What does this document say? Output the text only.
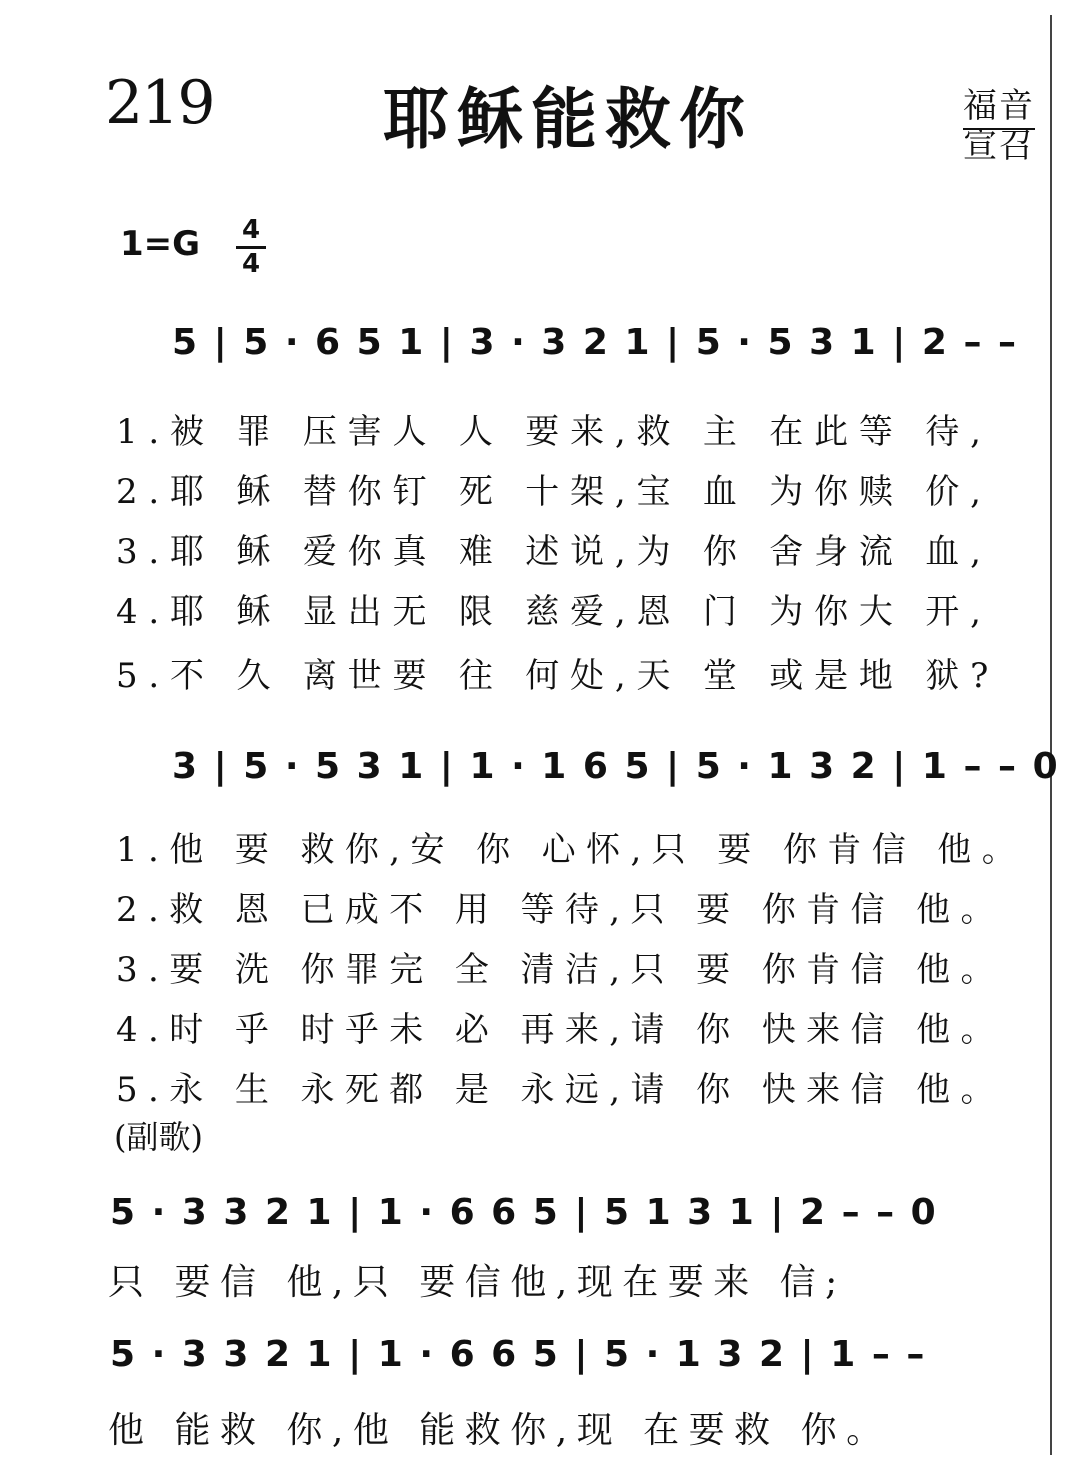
219	耶稣能救你	福音
宣召
1=G 4
4
5 | 5 · 6 5 1 | 3 · 3 2 1 | 5 · 5 3 1 | 2 – –
1.被 罪 压害人 人 要来,救 主 在此等 待,
2.耶 稣 替你钉 死 十架,宝 血 为你赎 价,
3.耶 稣 爱你真 难 述说,为 你 舍身流 血,
4.耶 稣 显出无 限 慈爱,恩 门 为你大 开,
5.不 久 离世要 往 何处,天 堂 或是地 狱?
3 | 5 · 5 3 1 | 1 · 1 6 5 | 5 · 1 3 2 | 1 – – 0
1.他 要 救你,安 你 心怀,只 要 你肯信 他。
2.救 恩 已成不 用 等待,只 要 你肯信 他。
3.要 洗 你罪完 全 清洁,只 要 你肯信 他。
4.时 乎 时乎未 必 再来,请 你 快来信 他。
5.永 生 永死都 是 永远,请 你 快来信 他。
(副歌)
5 · 3 3 2 1 | 1 · 6 6 5 | 5 1 3 1 | 2 – – 0
只 要信 他,只 要信他,现在要来 信;
5 · 3 3 2 1 | 1 · 6 6 5 | 5 · 1 3 2 | 1 – –
他 能救 你,他 能救你,现 在要救 你。
